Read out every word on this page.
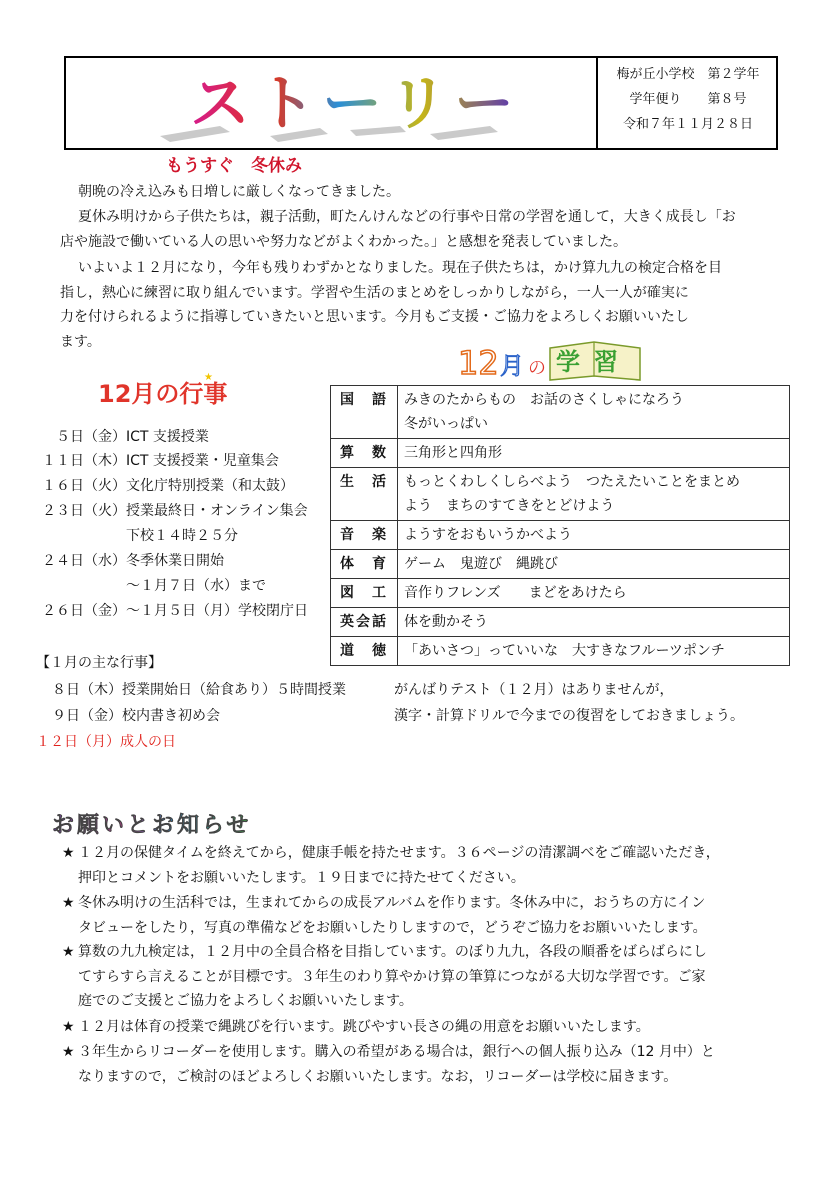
ストーリー	梅が丘小学校　第２学年
学年便り　　第８号
令和７年１１月２８日
もうすぐ　冬休み
朝晩の冷え込みも日増しに厳しくなってきました。
夏休み明けから子供たちは，親子活動，町たんけんなどの行事や日常の学習を通して，大きく成長し「お
店や施設で働いている人の思いや努力などがよくわかった。」と感想を発表していました。
いよいよ１２月になり，今年も残りわずかとなりました。現在子供たちは，かけ算九九の検定合格を目
指し，熱心に練習に取り組んでいます。学習や生活のまとめをしっかりしながら，一人一人が確実に
力を付けられるように指導していきたいと思います。今月もご支援・ご協力をよろしくお願いいたし
ます。
12月の行事
★
５日（金）ICT 支援授業
１１日（木）ICT 支援授業・児童集会
１６日（火）文化庁特別授業（和太鼓）
２３日（火）授業最終日・オンライン集会
下校１４時２５分
２４日（水）冬季休業日開始
～１月７日（水）まで
２６日（金）～１月５日（月）学校閉庁日
12 月 の 学習
国　語	みきのたからもの　お話のさくしゃになろう
冬がいっぱい

算　数	三角形と四角形
生　活	もっとくわしくしらべよう　つたえたいことをまとめ
よう　まちのすてきをとどけよう

音　楽	ようすをおもいうかべよう
体　育	ゲーム　鬼遊び　縄跳び
図　工	音作りフレンズ　　まどをあけたら
英会話	体を動かそう
道　徳	「あいさつ」っていいな　大すきなフルーツポンチ
【１月の主な行事】
８日（木）授業開始日（給食あり）５時間授業
９日（金）校内書き初め会
１２日（月）成人の日
がんばりテスト（１２月）はありませんが，
漢字・計算ドリルで今までの復習をしておきましょう。
お願いとお知らせ
★ １２月の保健タイムを終えてから，健康手帳を持たせます。３６ページの清潔調べをご確認いただき，
押印とコメントをお願いいたします。１９日までに持たせてください。
★ 冬休み明けの生活科では，生まれてからの成長アルバムを作ります。冬休み中に，おうちの方にイン
タビューをしたり，写真の準備などをお願いしたりしますので，どうぞご協力をお願いいたします。
★ 算数の九九検定は，１２月中の全員合格を目指しています。のぼり九九，各段の順番をばらばらにし
てすらすら言えることが目標です。３年生のわり算やかけ算の筆算につながる大切な学習です。ご家
庭でのご支援とご協力をよろしくお願いいたします。
★ １２月は体育の授業で縄跳びを行います。跳びやすい長さの縄の用意をお願いいたします。
★ ３年生からリコーダーを使用します。購入の希望がある場合は，銀行への個人振り込み（12 月中）と
なりますので，ご検討のほどよろしくお願いいたします。なお，リコーダーは学校に届きます。
